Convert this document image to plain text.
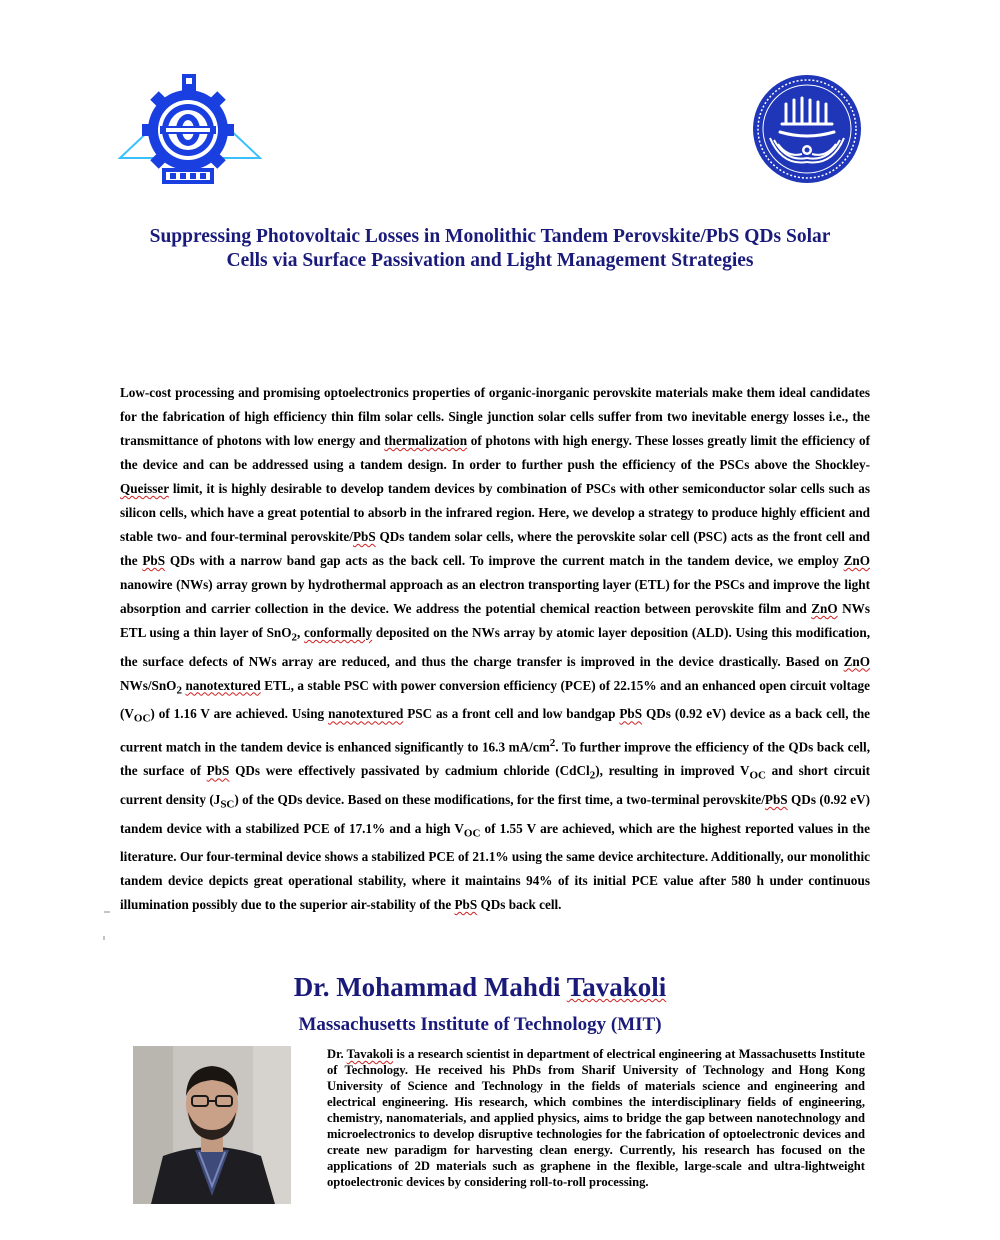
Suppressing Photovoltaic Losses in Monolithic Tandem Perovskite/PbS QDs Solar
Cells via Surface Passivation and Light Management Strategies
Low-cost processing and promising optoelectronics properties of organic-inorganic perovskite materials make them ideal candidates for the fabrication of high efficiency thin film solar cells. Single junction solar cells suffer from two inevitable energy losses i.e., the transmittance of photons with low energy and thermalization of photons with high energy. These losses greatly limit the efficiency of the device and can be addressed using a tandem design. In order to further push the efficiency of the PSCs above the Shockley-Queisser limit, it is highly desirable to develop tandem devices by combination of PSCs with other semiconductor solar cells such as silicon cells, which have a great potential to absorb in the infrared region. Here, we develop a strategy to produce highly efficient and stable two- and four-terminal perovskite/PbS QDs tandem solar cells, where the perovskite solar cell (PSC) acts as the front cell and the PbS QDs with a narrow band gap acts as the back cell. To improve the current match in the tandem device, we employ ZnO nanowire (NWs) array grown by hydrothermal approach as an electron transporting layer (ETL) for the PSCs and improve the light absorption and carrier collection in the device. We address the potential chemical reaction between perovskite film and ZnO NWs ETL using a thin layer of SnO$_2$, conformally deposited on the NWs array by atomic layer deposition (ALD). Using this modification, the surface defects of NWs array are reduced, and thus the charge transfer is improved in the device drastically. Based on ZnO NWs/SnO$_2$ nanotextured ETL, a stable PSC with power conversion efficiency (PCE) of 22.15% and an enhanced open circuit voltage $(V_{OC})$ of 1.16 V are achieved. Using nanotextured PSC as a front cell and low bandgap PbS QDs (0.92 eV) device as a back cell, the current match in the tandem device is enhanced significantly to 16.3 $mA/cm^2$. To further improve the efficiency of the QDs back cell, the surface of PbS QDs were effectively passivated by cadmium chloride (CdCl$_2$), resulting in improved $V_{OC}$ and short circuit current density $(J_{SC})$ of the QDs device. Based on these modifications, for the first time, a two-terminal perovskite/PbS QDs (0.92 eV) tandem device with a stabilized PCE of 17.1% and a high $V_{OC}$ of 1.55 V are achieved, which are the highest reported values in the literature. Our four-terminal device shows a stabilized PCE of 21.1% using the same device architecture. Additionally, our monolithic tandem device depicts great operational stability, where it maintains 94% of its initial PCE value after 580 h under continuous illumination possibly due to the superior air-stability of the PbS QDs back cell.
Dr. Mohammad Mahdi Tavakoli
Massachusetts Institute of Technology (MIT)
Dr. Tavakoli is a research scientist in department of electrical engineering at Massachusetts Institute of Technology. He received his PhDs from Sharif University of Technology and Hong Kong University of Science and Technology in the fields of materials science and engineering and electrical engineering. His research, which combines the interdisciplinary fields of engineering, chemistry, nanomaterials, and applied physics, aims to bridge the gap between nanotechnology and microelectronics to develop disruptive technologies for the fabrication of optoelectronic devices and create new paradigm for harvesting clean energy. Currently, his research has focused on the applications of 2D materials such as graphene in the flexible, large-scale and ultra-lightweight optoelectronic devices by considering roll-to-roll processing.
